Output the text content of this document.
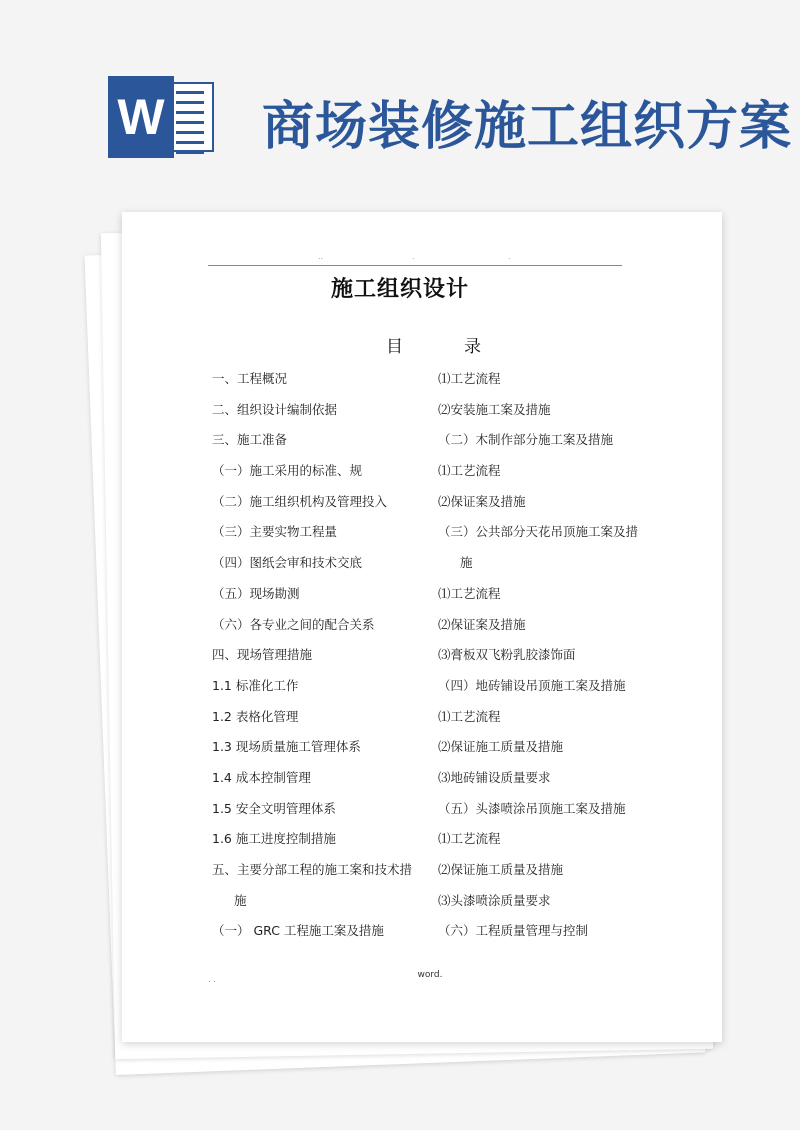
W 商场装修施工组织方案
..	.	.
施工组织设计
目	录
一、工程概况
二、组织设计编制依据
三、施工准备
（一）施工采用的标准、规
（二）施工组织机构及管理投入
（三）主要实物工程量
（四）图纸会审和技术交底
（五）现场勘测
（六）各专业之间的配合关系
四、现场管理措施
1.1 标准化工作
1.2 表格化管理
1.3 现场质量施工管理体系
1.4 成本控制管理
1.5 安全文明管理体系
1.6 施工进度控制措施
五、主要分部工程的施工案和技术措
施
（一） GRC 工程施工案及措施
⑴工艺流程
⑵安装施工案及措施
（二）木制作部分施工案及措施
⑴工艺流程
⑵保证案及措施
（三）公共部分天花吊顶施工案及措
施
⑴工艺流程
⑵保证案及措施
⑶膏板双飞粉乳胶漆饰面
（四）地砖铺设吊顶施工案及措施
⑴工艺流程
⑵保证施工质量及措施
⑶地砖铺设质量要求
（五）头漆喷涂吊顶施工案及措施
⑴工艺流程
⑵保证施工质量及措施
⑶头漆喷涂质量要求
（六）工程质量管理与控制
. .	word.
